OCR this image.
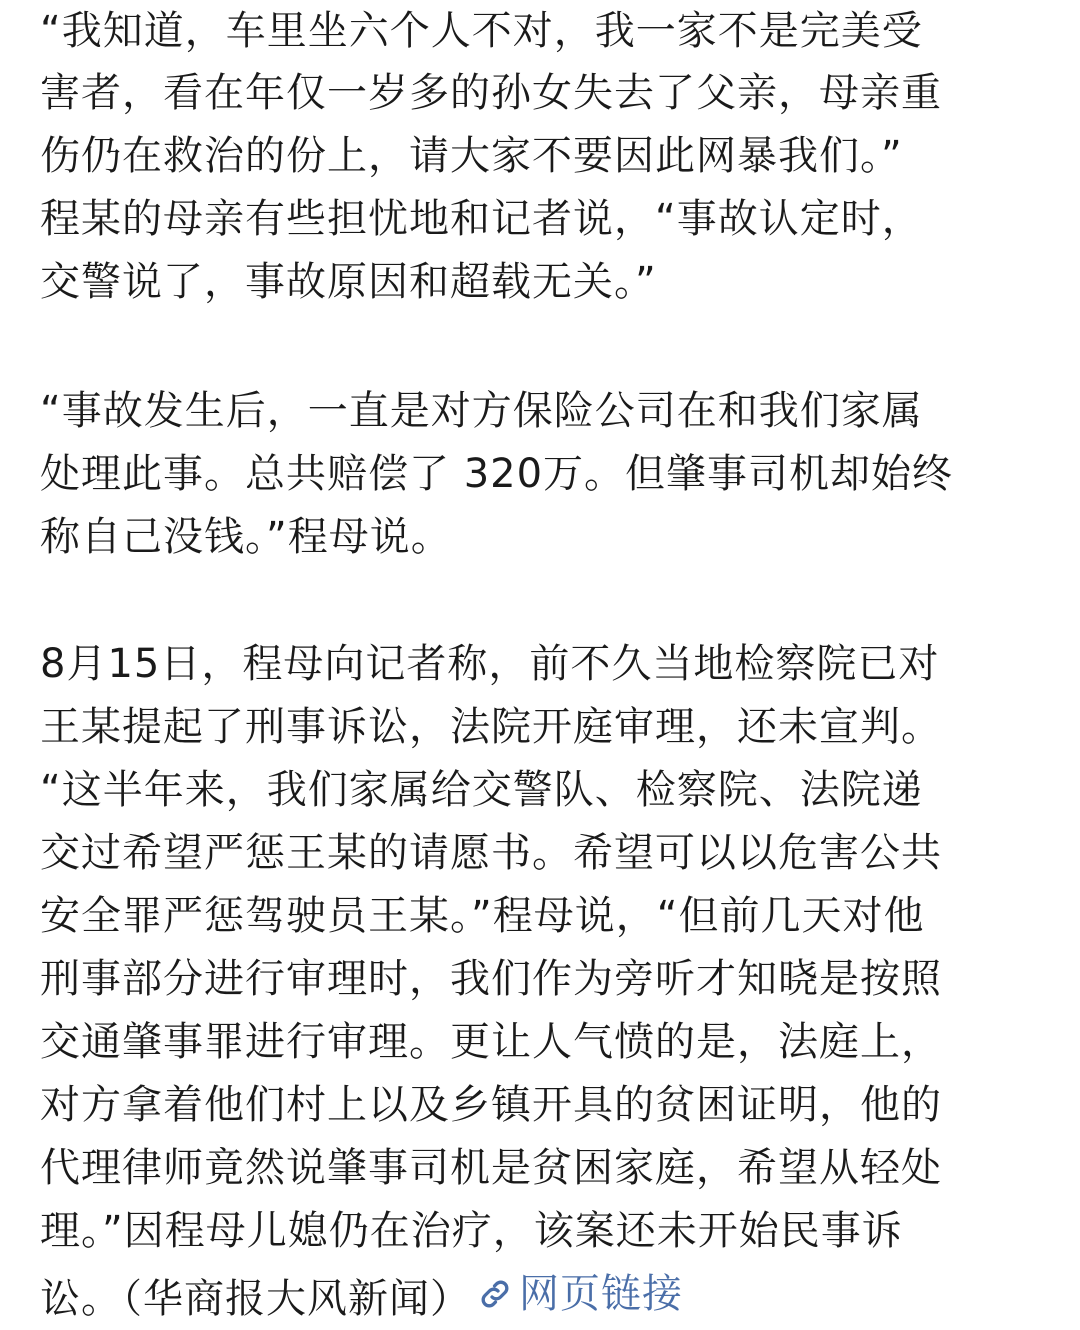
“我知道，车里坐六个人不对，我一家不是完美受
害者，看在年仅一岁多的孙女失去了父亲，母亲重
伤仍在救治的份上，请大家不要因此网暴我们。”
程某的母亲有些担忧地和记者说，“事故认定时，
交警说了，事故原因和超载无关。”
“事故发生后，一直是对方保险公司在和我们家属
处理此事。总共赔偿了 320万。但肇事司机却始终
称自己没钱。”程母说。
8月15日，程母向记者称，前不久当地检察院已对
王某提起了刑事诉讼，法院开庭审理，还未宣判。
“这半年来，我们家属给交警队、检察院、法院递
交过希望严惩王某的请愿书。希望可以以危害公共
安全罪严惩驾驶员王某。”程母说，“但前几天对他
刑事部分进行审理时，我们作为旁听才知晓是按照
交通肇事罪进行审理。更让人气愤的是，法庭上，
对方拿着他们村上以及乡镇开具的贫困证明，他的
代理律师竟然说肇事司机是贫困家庭，希望从轻处
理。”因程母儿媳仍在治疗，该案还未开始民事诉
讼。（华商报大风新闻） 网页链接
